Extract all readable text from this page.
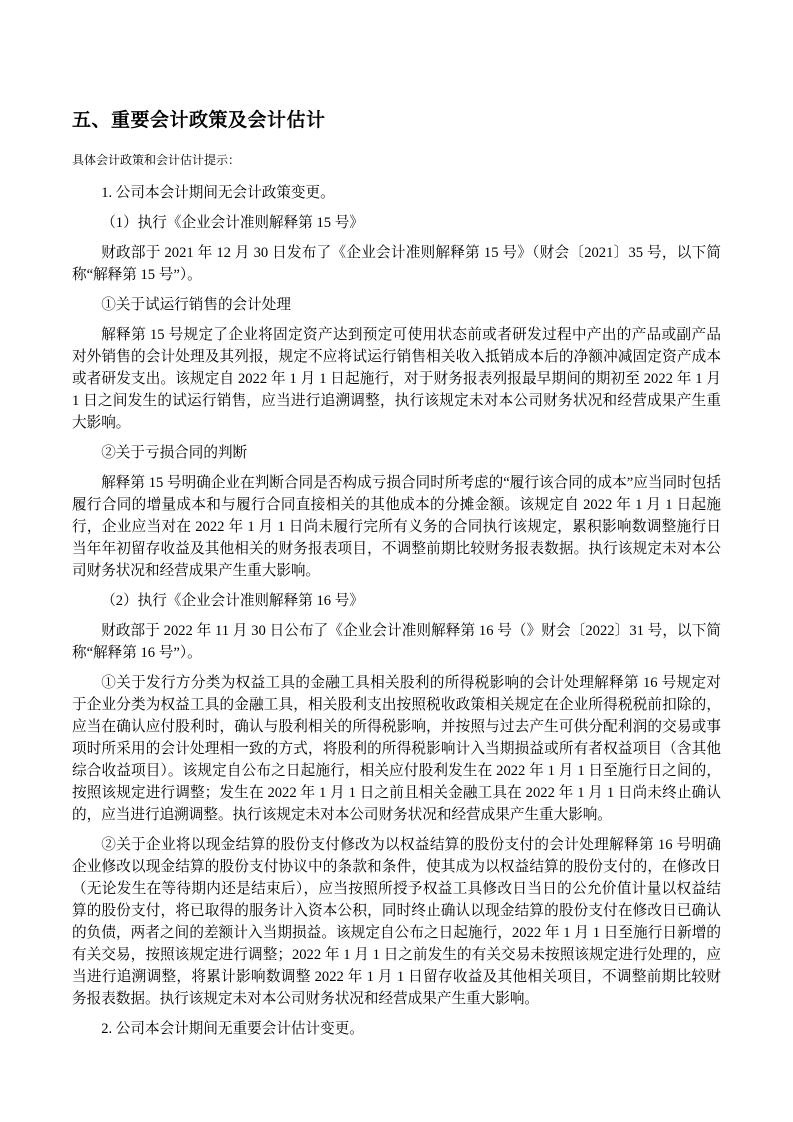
五、重要会计政策及会计估计

具体会计政策和会计估计提示：

1. 公司本会计期间无会计政策变更。

（1）执行《企业会计准则解释第 15 号》

财政部于 2021 年 12 月 30 日发布了《企业会计准则解释第 15 号》（财会〔2021〕35 号，以下简称“解释第 15 号”）。

①关于试运行销售的会计处理

解释第 15 号规定了企业将固定资产达到预定可使用状态前或者研发过程中产出的产品或副产品对外销售的会计处理及其列报，规定不应将试运行销售相关收入抵销成本后的净额冲减固定资产成本或者研发支出。该规定自 2022 年 1 月 1 日起施行，对于财务报表列报最早期间的期初至 2022 年 1 月 1 日之间发生的试运行销售，应当进行追溯调整，执行该规定未对本公司财务状况和经营成果产生重大影响。

②关于亏损合同的判断

解释第 15 号明确企业在判断合同是否构成亏损合同时所考虑的“履行该合同的成本”应当同时包括履行合同的增量成本和与履行合同直接相关的其他成本的分摊金额。该规定自 2022 年 1 月 1 日起施行，企业应当对在 2022 年 1 月 1 日尚未履行完所有义务的合同执行该规定，累积影响数调整施行日当年年初留存收益及其他相关的财务报表项目，不调整前期比较财务报表数据。执行该规定未对本公司财务状况和经营成果产生重大影响。

（2）执行《企业会计准则解释第 16 号》

财政部于 2022 年 11 月 30 日公布了《企业会计准则解释第 16 号（》财会〔2022〕31 号，以下简称“解释第 16 号”）。

①关于发行方分类为权益工具的金融工具相关股利的所得税影响的会计处理解释第 16 号规定对于企业分类为权益工具的金融工具，相关股利支出按照税收政策相关规定在企业所得税税前扣除的，应当在确认应付股利时，确认与股利相关的所得税影响，并按照与过去产生可供分配利润的交易或事项时所采用的会计处理相一致的方式，将股利的所得税影响计入当期损益或所有者权益项目（含其他综合收益项目）。该规定自公布之日起施行，相关应付股利发生在 2022 年 1 月 1 日至施行日之间的，按照该规定进行调整；发生在 2022 年 1 月 1 日之前且相关金融工具在 2022 年 1 月 1 日尚未终止确认的，应当进行追溯调整。执行该规定未对本公司财务状况和经营成果产生重大影响。

②关于企业将以现金结算的股份支付修改为以权益结算的股份支付的会计处理解释第 16 号明确企业修改以现金结算的股份支付协议中的条款和条件，使其成为以权益结算的股份支付的，在修改日（无论发生在等待期内还是结束后），应当按照所授予权益工具修改日当日的公允价值计量以权益结算的股份支付，将已取得的服务计入资本公积，同时终止确认以现金结算的股份支付在修改日已确认的负债，两者之间的差额计入当期损益。该规定自公布之日起施行，2022 年 1 月 1 日至施行日新增的有关交易，按照该规定进行调整；2022 年 1 月 1 日之前发生的有关交易未按照该规定进行处理的，应当进行追溯调整，将累计影响数调整 2022 年 1 月 1 日留存收益及其他相关项目，不调整前期比较财务报表数据。执行该规定未对本公司财务状况和经营成果产生重大影响。

2. 公司本会计期间无重要会计估计变更。
